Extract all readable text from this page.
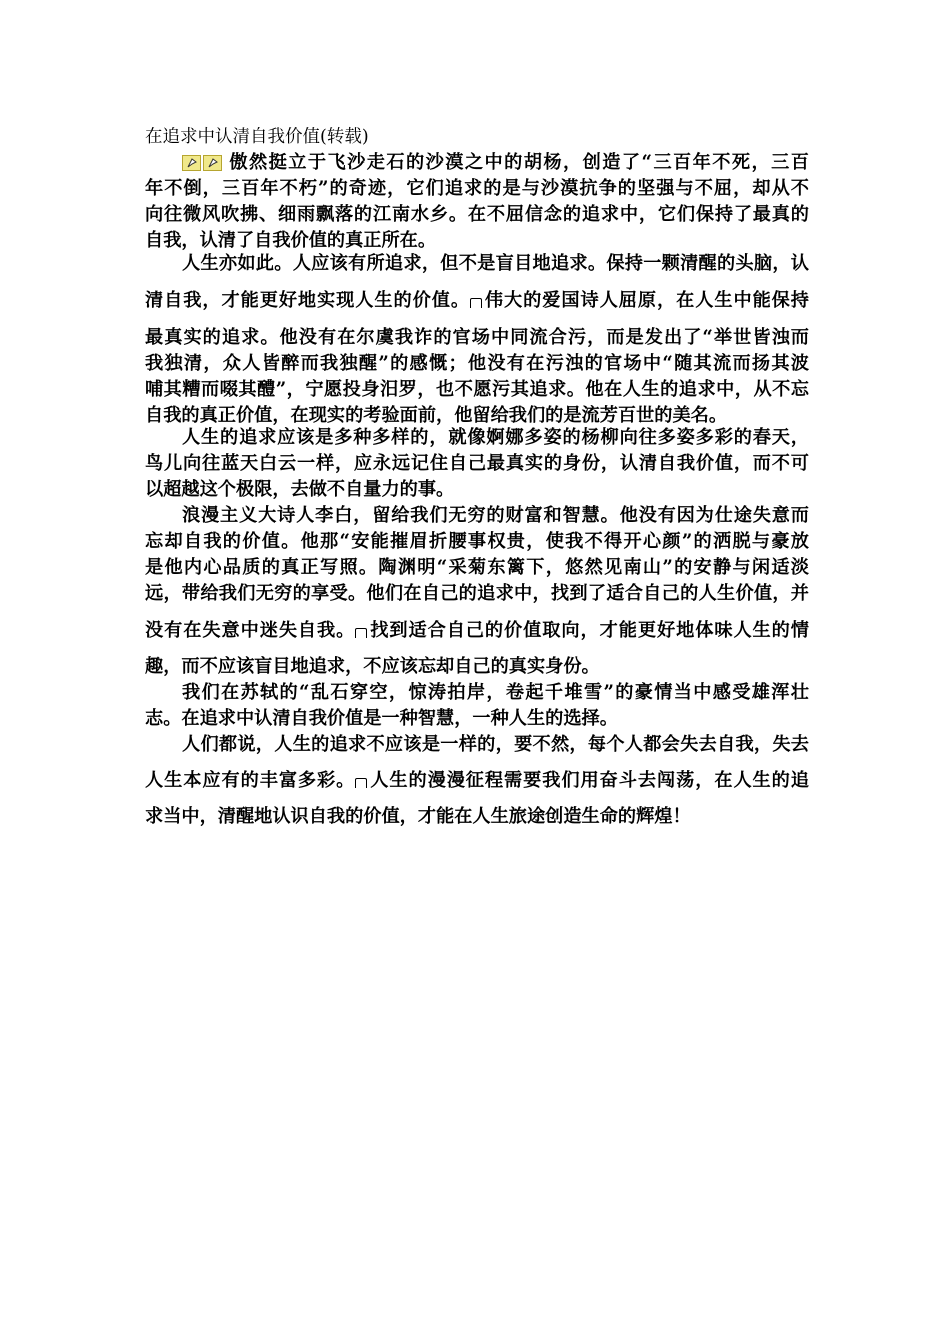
在追求中认清自我价值(转载)
傲然挺立于飞沙走石的沙漠之中的胡杨，创造了“三百年不死，三百
年不倒，三百年不朽”的奇迹，它们追求的是与沙漠抗争的坚强与不屈，却从不
向往微风吹拂、细雨飘落的江南水乡。在不屈信念的追求中，它们保持了最真的
自我，认清了自我价值的真正所在。
人生亦如此。人应该有所追求，但不是盲目地追求。保持一颗清醒的头脑，认
清自我，才能更好地实现人生的价值。 伟大的爱国诗人屈原，在人生中能保持
最真实的追求。他没有在尔虞我诈的官场中同流合污，而是发出了“举世皆浊而
我独清，众人皆醉而我独醒”的感慨；他没有在污浊的官场中“随其流而扬其波
哺其糟而啜其醴”，宁愿投身汨罗，也不愿污其追求。他在人生的追求中，从不忘
自我的真正价值，在现实的考验面前，他留给我们的是流芳百世的美名。
人生的追求应该是多种多样的，就像婀娜多姿的杨柳向往多姿多彩的春天，
鸟儿向往蓝天白云一样，应永远记住自己最真实的身份，认清自我价值，而不可
以超越这个极限，去做不自量力的事。
浪漫主义大诗人李白，留给我们无穷的财富和智慧。他没有因为仕途失意而
忘却自我的价值。他那“安能摧眉折腰事权贵，使我不得开心颜”的洒脱与豪放
是他内心品质的真正写照。陶渊明“采菊东篱下，悠然见南山”的安静与闲适淡
远，带给我们无穷的享受。他们在自己的追求中，找到了适合自己的人生价值，并
没有在失意中迷失自我。 找到适合自己的价值取向，才能更好地体味人生的情
趣，而不应该盲目地追求，不应该忘却自己的真实身份。
我们在苏轼的“乱石穿空，惊涛拍岸，卷起千堆雪”的豪情当中感受雄浑壮
志。在追求中认清自我价值是一种智慧，一种人生的选择。
人们都说，人生的追求不应该是一样的，要不然，每个人都会失去自我，失去
人生本应有的丰富多彩。 人生的漫漫征程需要我们用奋斗去闯荡，在人生的追
求当中，清醒地认识自我的价值，才能在人生旅途创造生命的辉煌！
